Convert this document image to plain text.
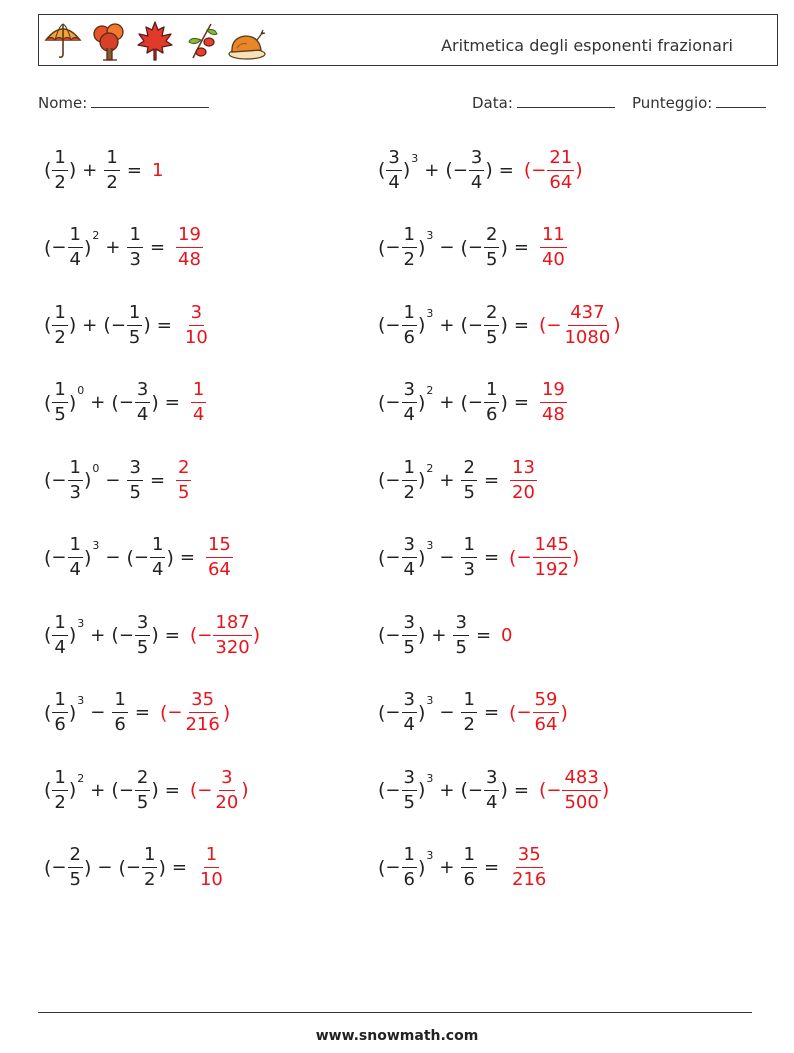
Aritmetica degli esponenti frazionari
Nome:	Data:	Punteggio:
( $\frac{1}{2}$ ) + $\frac{1}{2} = 1$
( − $\frac{1}{4}$ )
2
+ $\frac{1}{3} = \frac{19}{48}$
( $\frac{1}{2}$ ) + ( − $\frac{1}{5}$ ) = $\frac{3}{10}$
( $\frac{1}{5}$ )
0
+ ( − $\frac{3}{4}$ ) = $\frac{1}{4}$
( − $\frac{1}{3}$ )
0
− $\frac{3}{5} = \frac{2}{5}$
( − $\frac{1}{4}$ )
3
− ( − $\frac{1}{4}$ ) = $\frac{15}{64}$
( $\frac{1}{4}$ )
3
+ ( − $\frac{3}{5}$ ) = ( − $\frac{187}{320}$ )
( $\frac{1}{6}$ )
3
− $\frac{1}{6}$ = ( − $\frac{35}{216}$ )
( $\frac{1}{2}$ )
2
+ ( − $\frac{2}{5}$ ) = ( − $\frac{3}{20}$ )
( − $\frac{2}{5}$ ) − ( − $\frac{1}{2}$ ) = $\frac{1}{10}$
( $\frac{3}{4}$ )
3
+ ( − $\frac{3}{4}$ ) = ( − $\frac{21}{64}$ )
( − $\frac{1}{2}$ )
3
− ( − $\frac{2}{5}$ ) = $\frac{11}{40}$
( − $\frac{1}{6}$ )
3
+ ( − $\frac{2}{5}$ ) = ( − $\frac{437}{1080}$ )
( − $\frac{3}{4}$ )
2
+ ( − $\frac{1}{6}$ ) = $\frac{19}{48}$
( − $\frac{1}{2}$ )
2
+ $\frac{2}{5} = \frac{13}{20}$
( − $\frac{3}{4}$ )
3
− $\frac{1}{3}$ = ( − $\frac{145}{192}$ )
( − $\frac{3}{5}$ ) + $\frac{3}{5} = 0$
( − $\frac{3}{4}$ )
3
− $\frac{1}{2}$ = ( − $\frac{59}{64}$ )
( − $\frac{3}{5}$ )
3
+ ( − $\frac{3}{4}$ ) = ( − $\frac{483}{500}$ )
( − $\frac{1}{6}$ )
3
+ $\frac{1}{6} = \frac{35}{216}$
www.snowmath.com
